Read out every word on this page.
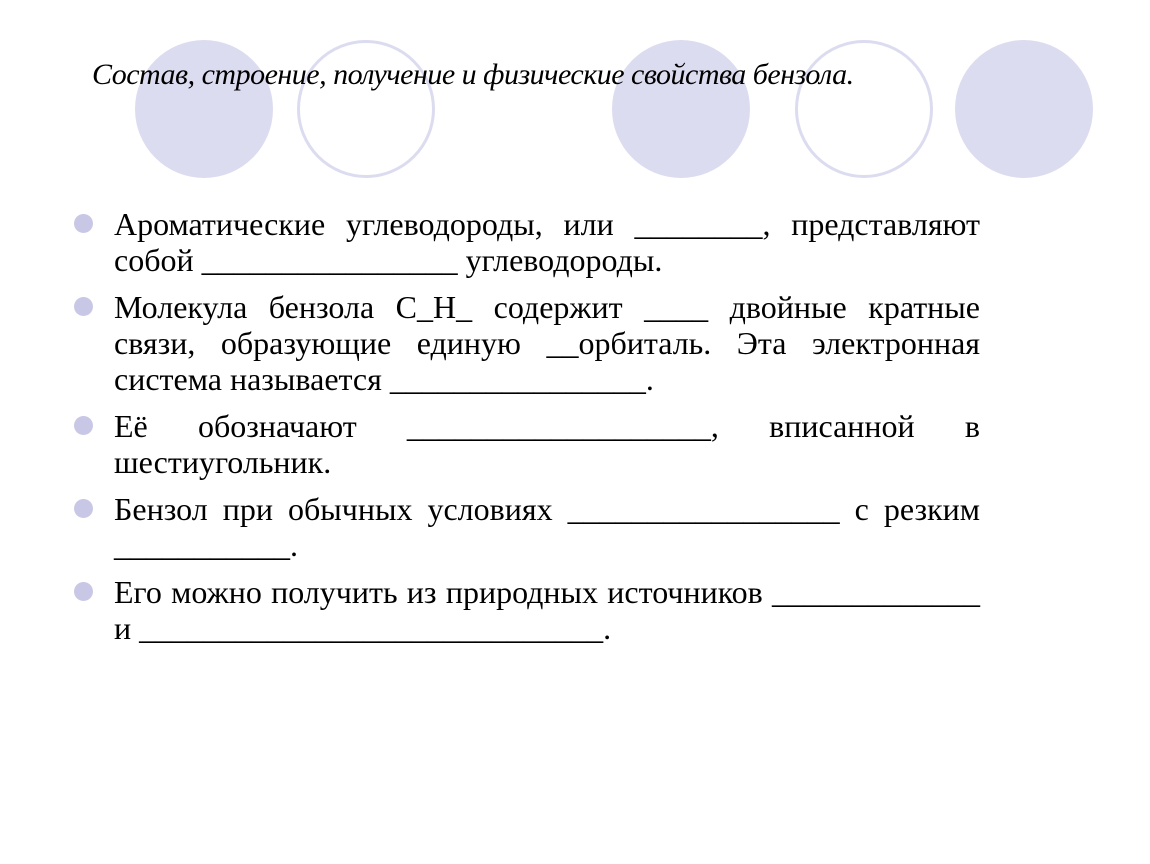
Состав, строение, получение и физические свойства бензола.
Ароматические углеводороды, или ________, представляют собой ________________ углеводороды.
Молекула бензола C_H_ содержит ____ двойные кратные связи, образующие единую __орбиталь. Эта электронная система называется ________________.
Её обозначают ___________________, вписанной в шестиугольник.
Бензол при обычных условиях _________________ с резким ___________.
Его можно получить из природных источников _____________ и _____________________________.
